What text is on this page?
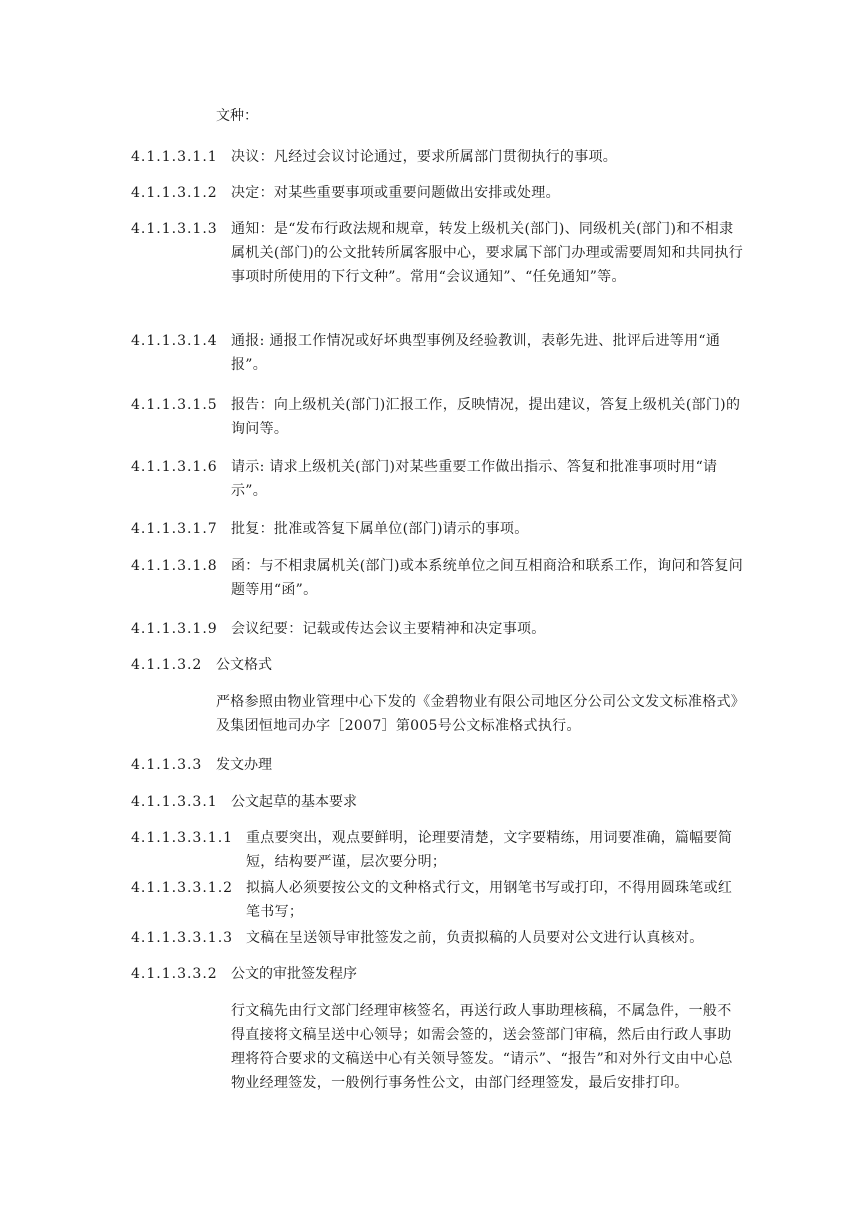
文种：
4.1.1.3.1.1 决议：凡经过会议讨论通过，要求所属部门贯彻执行的事项。
4.1.1.3.1.2 决定：对某些重要事项或重要问题做出安排或处理。
4.1.1.3.1.3 通知：是“发布行政法规和规章，转发上级机关(部门)、同级机关(部门)和不相隶属机关(部门)的公文批转所属客服中心，要求属下部门办理或需要周知和共同执行事项时所使用的下行文种”。常用“会议通知”、“任免通知”等。
4.1.1.3.1.4 通报: 通报工作情况或好坏典型事例及经验教训，表彰先进、批评后进等用“通报”。
4.1.1.3.1.5 报告：向上级机关(部门)汇报工作，反映情况，提出建议，答复上级机关(部门)的询问等。
4.1.1.3.1.6 请示: 请求上级机关(部门)对某些重要工作做出指示、答复和批准事项时用“请示”。
4.1.1.3.1.7 批复：批准或答复下属单位(部门)请示的事项。
4.1.1.3.1.8 函：与不相隶属机关(部门)或本系统单位之间互相商洽和联系工作，询问和答复问题等用“函”。
4.1.1.3.1.9 会议纪要：记载或传达会议主要精神和决定事项。
4.1.1.3.2 公文格式
严格参照由物业管理中心下发的《金碧物业有限公司地区分公司公文发文标准格式》及集团恒地司办字［2007］第005号公文标准格式执行。
4.1.1.3.3 发文办理
4.1.1.3.3.1 公文起草的基本要求
4.1.1.3.3.1.1 重点要突出，观点要鲜明，论理要清楚，文字要精练，用词要准确，篇幅要简短，结构要严谨，层次要分明；
4.1.1.3.3.1.2 拟搞人必须要按公文的文种格式行文，用钢笔书写或打印，不得用圆珠笔或红笔书写；
4.1.1.3.3.1.3 文稿在呈送领导审批签发之前，负责拟稿的人员要对公文进行认真核对。
4.1.1.3.3.2 公文的审批签发程序
行文稿先由行文部门经理审核签名，再送行政人事助理核稿，不属急件，一般不得直接将文稿呈送中心领导；如需会签的，送会签部门审稿，然后由行政人事助理将符合要求的文稿送中心有关领导签发。“请示”、“报告”和对外行文由中心总物业经理签发，一般例行事务性公文，由部门经理签发，最后安排打印。
